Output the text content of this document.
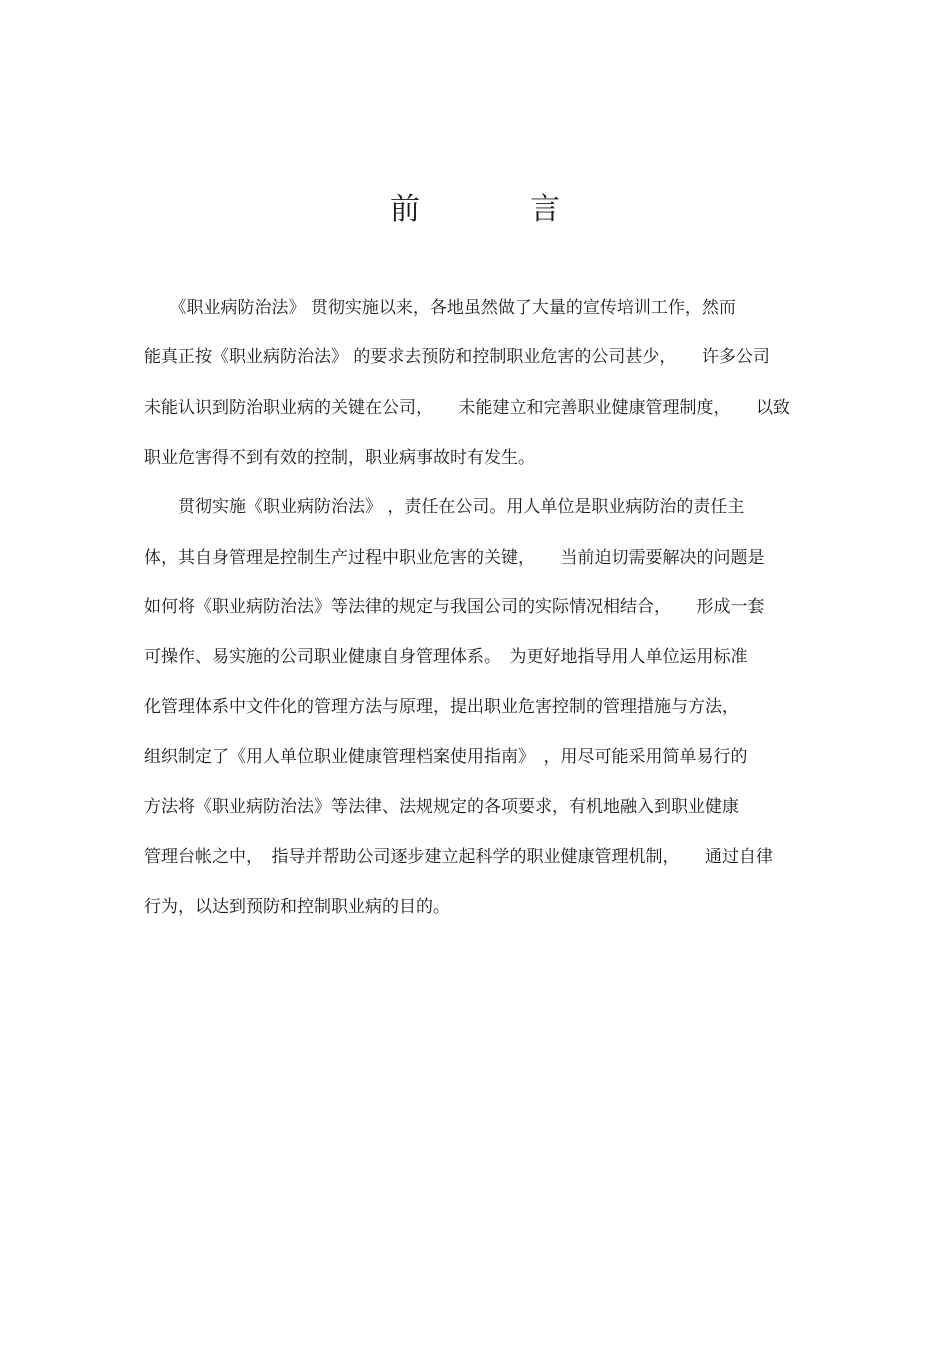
前　言
　　《职业病防治法》 贯彻实施以来，各地虽然做了大量的宣传培训工作，然而
能真正按《职业病防治法》 的要求去预防和控制职业危害的公司甚少，　　许多公司
未能认识到防治职业病的关键在公司，　　未能建立和完善职业健康管理制度，　　以致
职业危害得不到有效的控制，职业病事故时有发生。
　　贯彻实施《职业病防治法》 ，责任在公司。用人单位是职业病防治的责任主
体，其自身管理是控制生产过程中职业危害的关键，　　当前迫切需要解决的问题是
如何将《职业病防治法》等法律的规定与我国公司的实际情况相结合，　　形成一套
可操作、易实施的公司职业健康自身管理体系。　为更好地指导用人单位运用标准
化管理体系中文件化的管理方法与原理，提出职业危害控制的管理措施与方法，
组织制定了《用人单位职业健康管理档案使用指南》　，用尽可能采用简单易行的
方法将《职业病防治法》等法律、法规规定的各项要求，有机地融入到职业健康
管理台帐之中，　指导并帮助公司逐步建立起科学的职业健康管理机制，　　通过自律
行为，以达到预防和控制职业病的目的。
